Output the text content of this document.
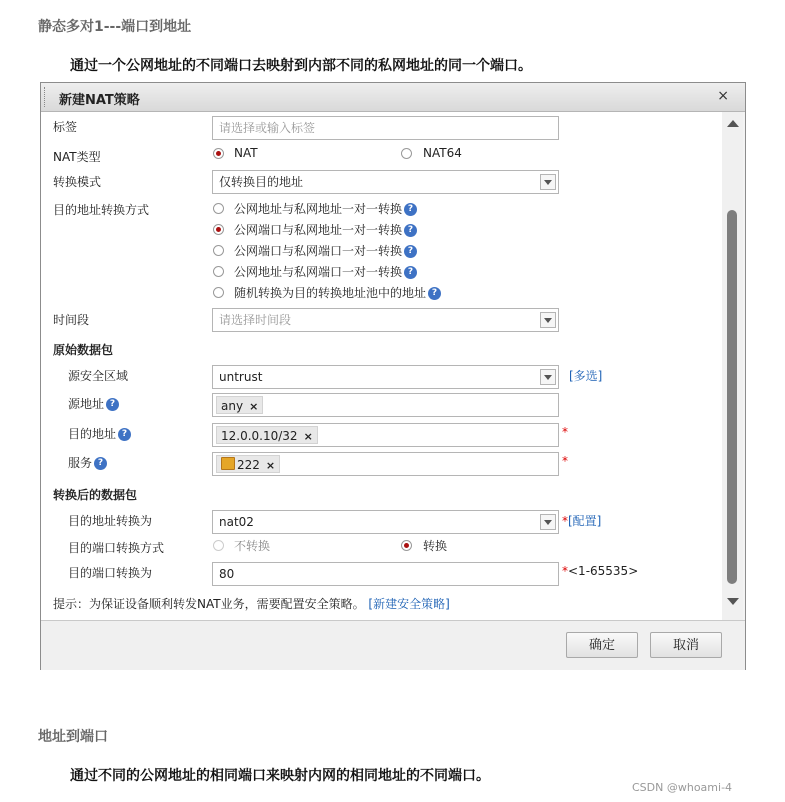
静态多对1---端口到地址
通过一个公网地址的不同端口去映射到内部不同的私网地址的同一个端口。
新建NAT策略	×
标签	请选择或输入标签
NAT类型	NAT	NAT64
转换模式	仅转换目的地址
目的地址转换方式	公网地址与私网地址一对一转换 ?
公网端口与私网地址一对一转换 ?
公网端口与私网端口一对一转换 ?
公网地址与私网端口一对一转换 ?
随机转换为目的转换地址池中的地址 ?
时间段	请选择时间段
原始数据包
源安全区域	untrust	[多选]
源地址 ?	any ×
目的地址 ?	12.0.0.10/32 ×	*
服务 ?	222 ×	*
转换后的数据包
目的地址转换为	nat02	*[配置]
目的端口转换方式	不转换	转换
目的端口转换为	80	*<1-65535>
提示：为保证设备顺利转发NAT业务，需要配置安全策略。 [新建安全策略]
确定	取消
地址到端口
通过不同的公网地址的相同端口来映射内网的相同地址的不同端口。
CSDN @whoami-4
